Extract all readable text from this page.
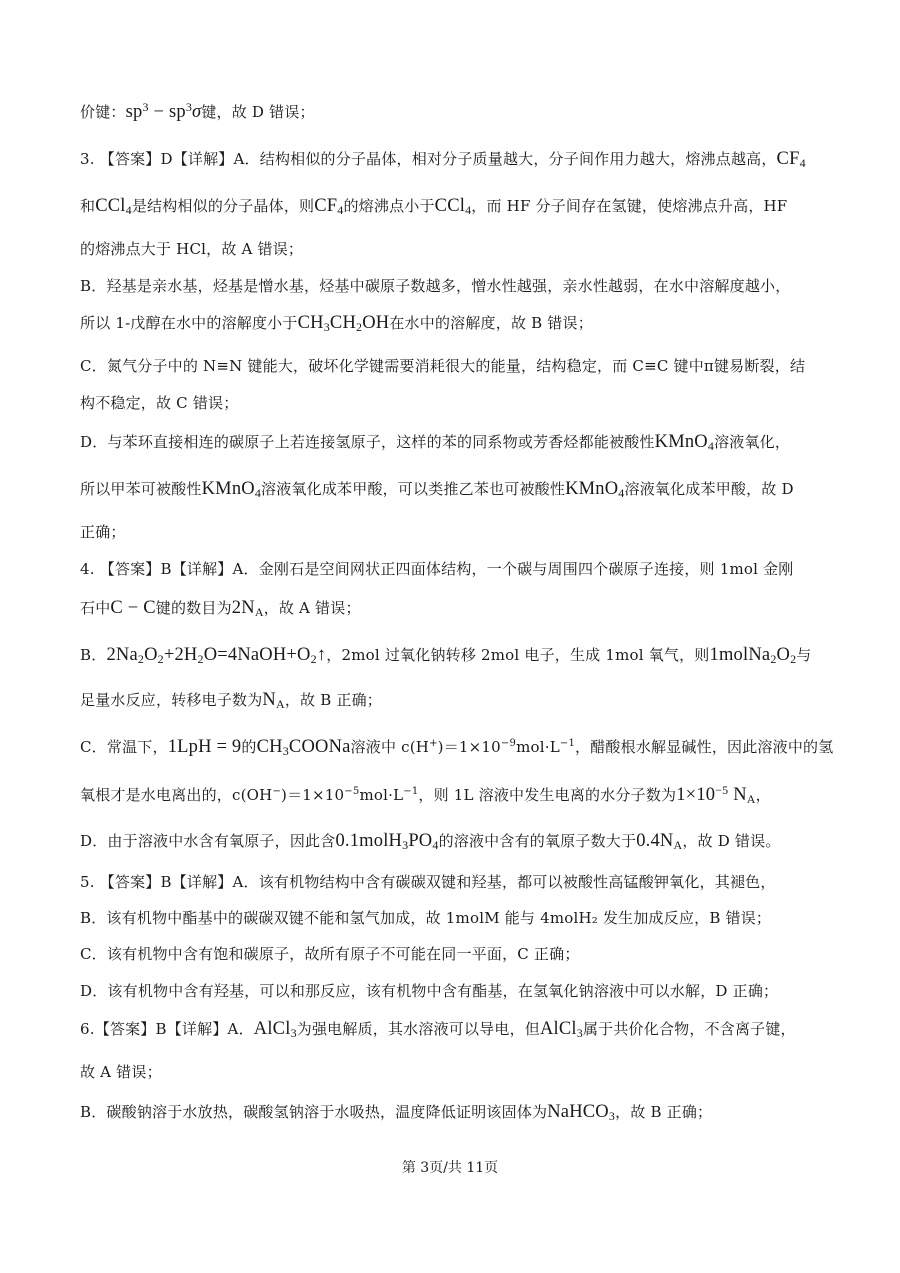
价键：$sp^3 - sp^3\sigma$键，故 D 错误；
3. 【答案】D【详解】A．结构相似的分子晶体，相对分子质量越大，分子间作用力越大，熔沸点越高，$CF_4$
和CCl$_4$是结构相似的分子晶体，则$CF_4$的熔沸点小于CCl$_4$，而 HF 分子间存在氢键，使熔沸点升高，HF
的熔沸点大于 HCl，故 A 错误；
B．羟基是亲水基，烃基是憎水基，烃基中碳原子数越多，憎水性越强，亲水性越弱，在水中溶解度越小，
所以 1-戊醇在水中的溶解度小于$CH_3CH_2OH$在水中的溶解度，故 B 错误；
C．氮气分子中的 N≡N 键能大，破坏化学键需要消耗很大的能量，结构稳定，而 C≡C 键中π键易断裂，结
构不稳定，故 C 错误；
D．与苯环直接相连的碳原子上若连接氢原子，这样的苯的同系物或芳香烃都能被酸性KMnO$_4$溶液氧化，
所以甲苯可被酸性KMnO$_4$溶液氧化成苯甲酸，可以类推乙苯也可被酸性KMnO$_4$溶液氧化成苯甲酸，故 D
正确；
4. 【答案】B【详解】A．金刚石是空间网状正四面体结构，一个碳与周围四个碳原子连接，则 1mol 金刚
石中C − C键的数目为$2N_A$，故 A 错误；
B．$2Na_2O_2+2H_2O=4NaOH+O_2↑$，2mol 过氧化钠转移 2mol 电子，生成 1mol 氧气，则$1molNa_2O_2$与
足量水反应，转移电子数为$N_A$，故 B 正确；
C．常温下，1LpH = 9的$CH_3COONa$溶液中 $c(H^+)=1\times 10^{-9}mol\cdot L^{-1}$，醋酸根水解显碱性，因此溶液中的氢
氧根才是水电离出的，$c(OH^-)=1\times 10^{-5}mol\cdot L^{-1}$，则 1L 溶液中发生电离的水分子数为$1\times 10^{-5}$ $N_A$，
D．由于溶液中水含有氧原子，因此含$0.1molH_3PO_4$的溶液中含有的氧原子数大于$0.4N_A$，故 D 错误。
5. 【答案】B【详解】A．该有机物结构中含有碳碳双键和羟基，都可以被酸性高锰酸钾氧化，其褪色，
B．该有机物中酯基中的碳碳双键不能和氢气加成，故 1molM 能与 4molH₂ 发生加成反应，B 错误；
C．该有机物中含有饱和碳原子，故所有原子不可能在同一平面，C 正确；
D．该有机物中含有羟基，可以和那反应，该有机物中含有酯基，在氢氧化钠溶液中可以水解，D 正确；
6.【答案】B【详解】A．AlCl$_3$为强电解质，其水溶液可以导电，但AlCl$_3$属于共价化合物，不含离子键，
故 A 错误；
B．碳酸钠溶于水放热，碳酸氢钠溶于水吸热，温度降低证明该固体为NaHCO$_3$，故 B 正确；
第 3页/共 11页
